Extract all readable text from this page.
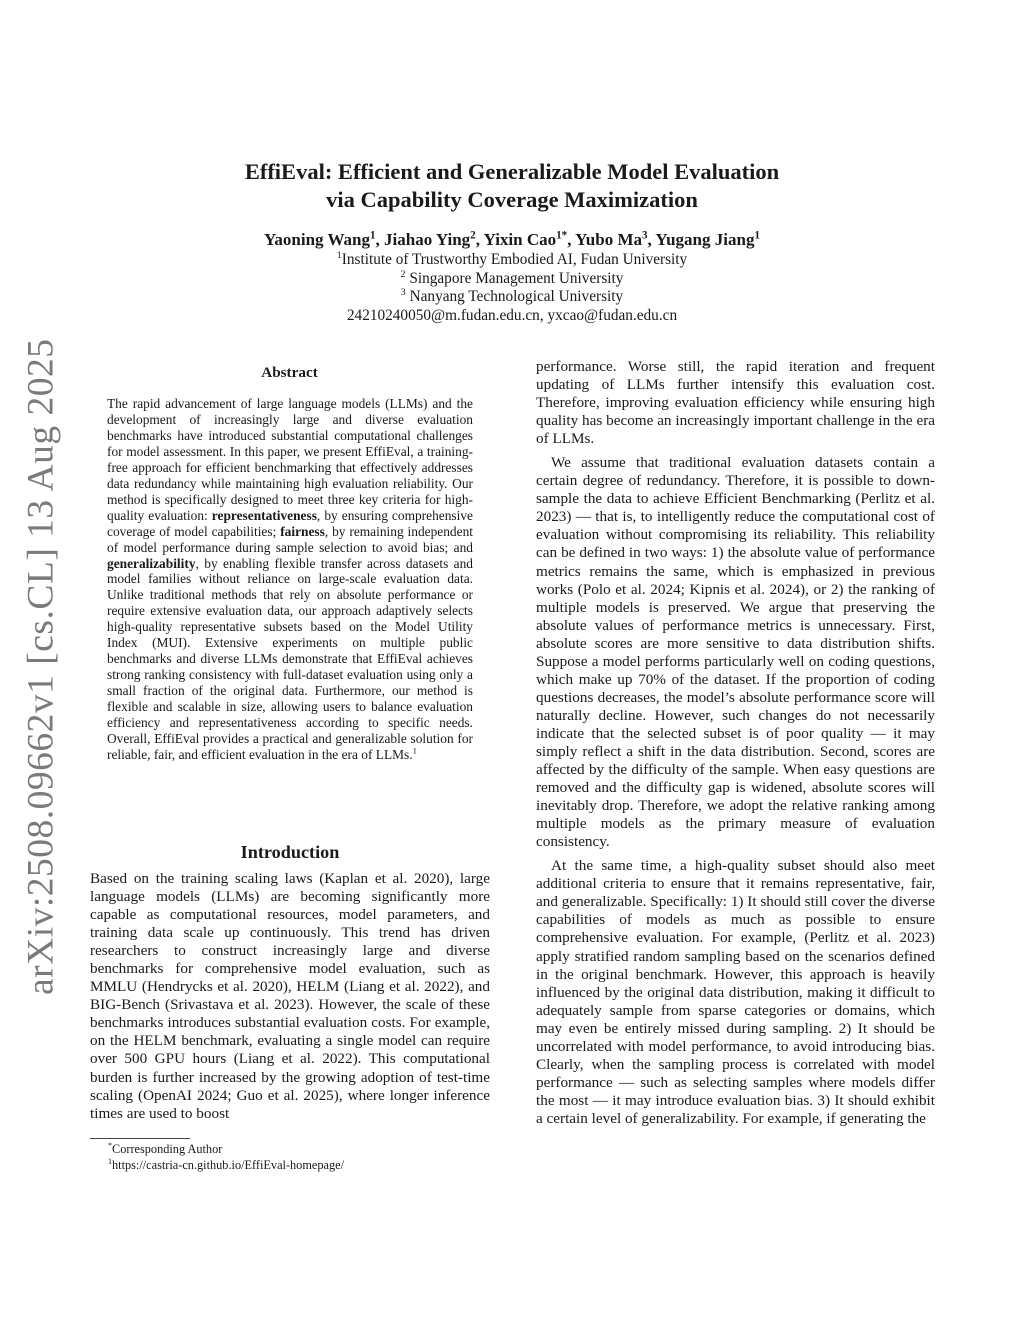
arXiv:2508.09662v1 [cs.CL] 13 Aug 2025
EffiEval: Efficient and Generalizable Model Evaluation
via Capability Coverage Maximization
Yaoning Wang$^1$, Jiahao Ying$^2$, Yixin Cao$^{1*}$, Yubo Ma$^3$, Yugang Jiang$^1$
$^1$Institute of Trustworthy Embodied AI, Fudan University
$^2$ Singapore Management University
$^3$ Nanyang Technological University
24210240050@m.fudan.edu.cn, yxcao@fudan.edu.cn
Abstract
The rapid advancement of large language models (LLMs) and the development of increasingly large and diverse evaluation benchmarks have introduced substantial computational challenges for model assessment. In this paper, we present EffiEval, a training-free approach for efficient benchmarking that effectively addresses data redundancy while maintaining high evaluation reliability. Our method is specifically designed to meet three key criteria for high-quality evaluation: representativeness, by ensuring comprehensive coverage of model capabilities; fairness, by remaining independent of model performance during sample selection to avoid bias; and generalizability, by enabling flexible transfer across datasets and model families without reliance on large-scale evaluation data. Unlike traditional methods that rely on absolute performance or require extensive evaluation data, our approach adaptively selects high-quality representative subsets based on the Model Utility Index (MUI). Extensive experiments on multiple public benchmarks and diverse LLMs demonstrate that EffiEval achieves strong ranking consistency with full-dataset evaluation using only a small fraction of the original data. Furthermore, our method is flexible and scalable in size, allowing users to balance evaluation efficiency and representativeness according to specific needs. Overall, EffiEval provides a practical and generalizable solution for reliable, fair, and efficient evaluation in the era of LLMs.$^1$
Introduction
Based on the training scaling laws (Kaplan et al. 2020), large language models (LLMs) are becoming significantly more capable as computational resources, model parameters, and training data scale up continuously. This trend has driven researchers to construct increasingly large and diverse benchmarks for comprehensive model evaluation, such as MMLU (Hendrycks et al. 2020), HELM (Liang et al. 2022), and BIG-Bench (Srivastava et al. 2023). However, the scale of these benchmarks introduces substantial evaluation costs. For example, on the HELM benchmark, evaluating a single model can require over 500 GPU hours (Liang et al. 2022). This computational burden is further increased by the growing adoption of test-time scaling (OpenAI 2024; Guo et al. 2025), where longer inference times are used to boost

performance. Worse still, the rapid iteration and frequent updating of LLMs further intensify this evaluation cost. Therefore, improving evaluation efficiency while ensuring high quality has become an increasingly important challenge in the era of LLMs.

We assume that traditional evaluation datasets contain a certain degree of redundancy. Therefore, it is possible to down-sample the data to achieve Efficient Benchmarking (Perlitz et al. 2023) — that is, to intelligently reduce the computational cost of evaluation without compromising its reliability. This reliability can be defined in two ways: 1) the absolute value of performance metrics remains the same, which is emphasized in previous works (Polo et al. 2024; Kipnis et al. 2024), or 2) the ranking of multiple models is preserved. We argue that preserving the absolute values of performance metrics is unnecessary. First, absolute scores are more sensitive to data distribution shifts. Suppose a model performs particularly well on coding questions, which make up 70% of the dataset. If the proportion of coding questions decreases, the model’s absolute performance score will naturally decline. However, such changes do not necessarily indicate that the selected subset is of poor quality — it may simply reflect a shift in the data distribution. Second, scores are affected by the difficulty of the sample. When easy questions are removed and the difficulty gap is widened, absolute scores will inevitably drop. Therefore, we adopt the relative ranking among multiple models as the primary measure of evaluation consistency.

At the same time, a high-quality subset should also meet additional criteria to ensure that it remains representative, fair, and generalizable. Specifically: 1) It should still cover the diverse capabilities of models as much as possible to ensure comprehensive evaluation. For example, (Perlitz et al. 2023) apply stratified random sampling based on the scenarios defined in the original benchmark. However, this approach is heavily influenced by the original data distribution, making it difficult to adequately sample from sparse categories or domains, which may even be entirely missed during sampling. 2) It should be uncorrelated with model performance, to avoid introducing bias. Clearly, when the sampling process is correlated with model performance — such as selecting samples where models differ the most — it may introduce evaluation bias. 3) It should exhibit a certain level of generalizability. For example, if generating the

*Corresponding Author
$^1$https://castria-cn.github.io/EffiEval-homepage/
